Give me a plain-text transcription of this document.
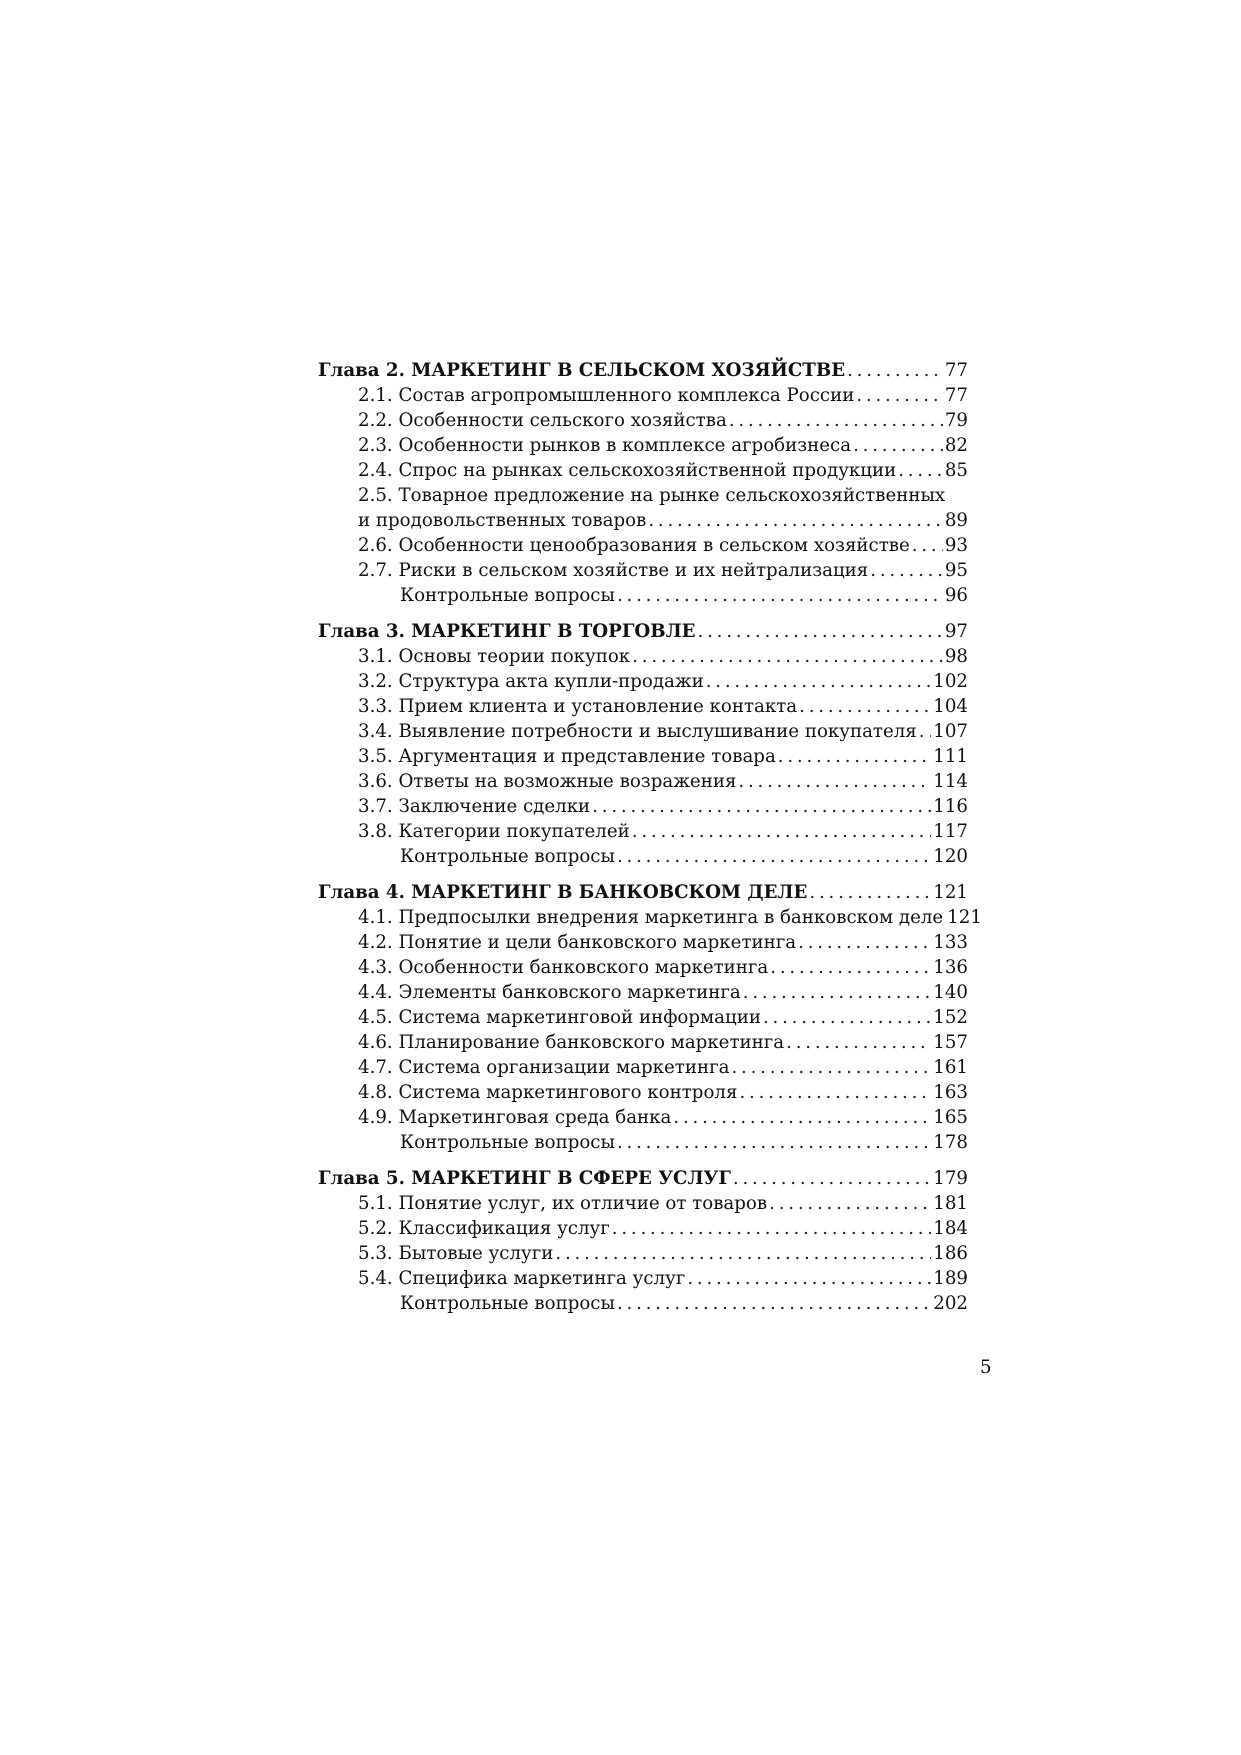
Глава 2. МАРКЕТИНГ В СЕЛЬСКОМ ХОЗЯЙСТВЕ . . .	77
2.1. Состав агропромышленного комплекса России . . .	77
2.2. Особенности сельского хозяйства . . .	79
2.3. Особенности рынков в комплексе агробизнеса . . .	82
2.4. Спрос на рынках сельскохозяйственной продукции . . .	85
2.5. Товарное предложение на рынке сельскохозяйственных
и продовольственных товаров . . .	89
2.6. Особенности ценообразования в сельском хозяйстве . . . 93
2.7. Риски в сельском хозяйстве и их нейтрализация . . .	95
Контрольные вопросы . . .	96
Глава 3. МАРКЕТИНГ В ТОРГОВЛЕ . . .	97
3.1. Основы теории покупок . . .	98
3.2. Структура акта купли-продажи . . .	102
3.3. Прием клиента и установление контакта . . .	104
3.4. Выявление потребности и выслушивание покупателя . . . 107
3.5. Аргументация и представление товара . . .	111
3.6. Ответы на возможные возражения . . .	114
3.7. Заключение сделки . . .	116
3.8. Категории покупателей . . .	117
Контрольные вопросы . . .	120
Глава 4. МАРКЕТИНГ В БАНКОВСКОМ ДЕЛЕ . . .	121
4.1. Предпосылки внедрения маркетинга в банковском деле 121
4.2. Понятие и цели банковского маркетинга . . .	133
4.3. Особенности банковского маркетинга . . .	136
4.4. Элементы банковского маркетинга . . .	140
4.5. Система маркетинговой информации . . .	152
4.6. Планирование банковского маркетинга . . .	157
4.7. Система организации маркетинга . . .	161
4.8. Система маркетингового контроля . . .	163
4.9. Маркетинговая среда банка . . .	165
Контрольные вопросы . . .	178
Глава 5. МАРКЕТИНГ В СФЕРЕ УСЛУГ . . .	179
5.1. Понятие услуг, их отличие от товаров . . .	181
5.2. Классификация услуг . . .	184
5.3. Бытовые услуги . . .	186
5.4. Специфика маркетинга услуг . . .	189
Контрольные вопросы . . .	202
5
